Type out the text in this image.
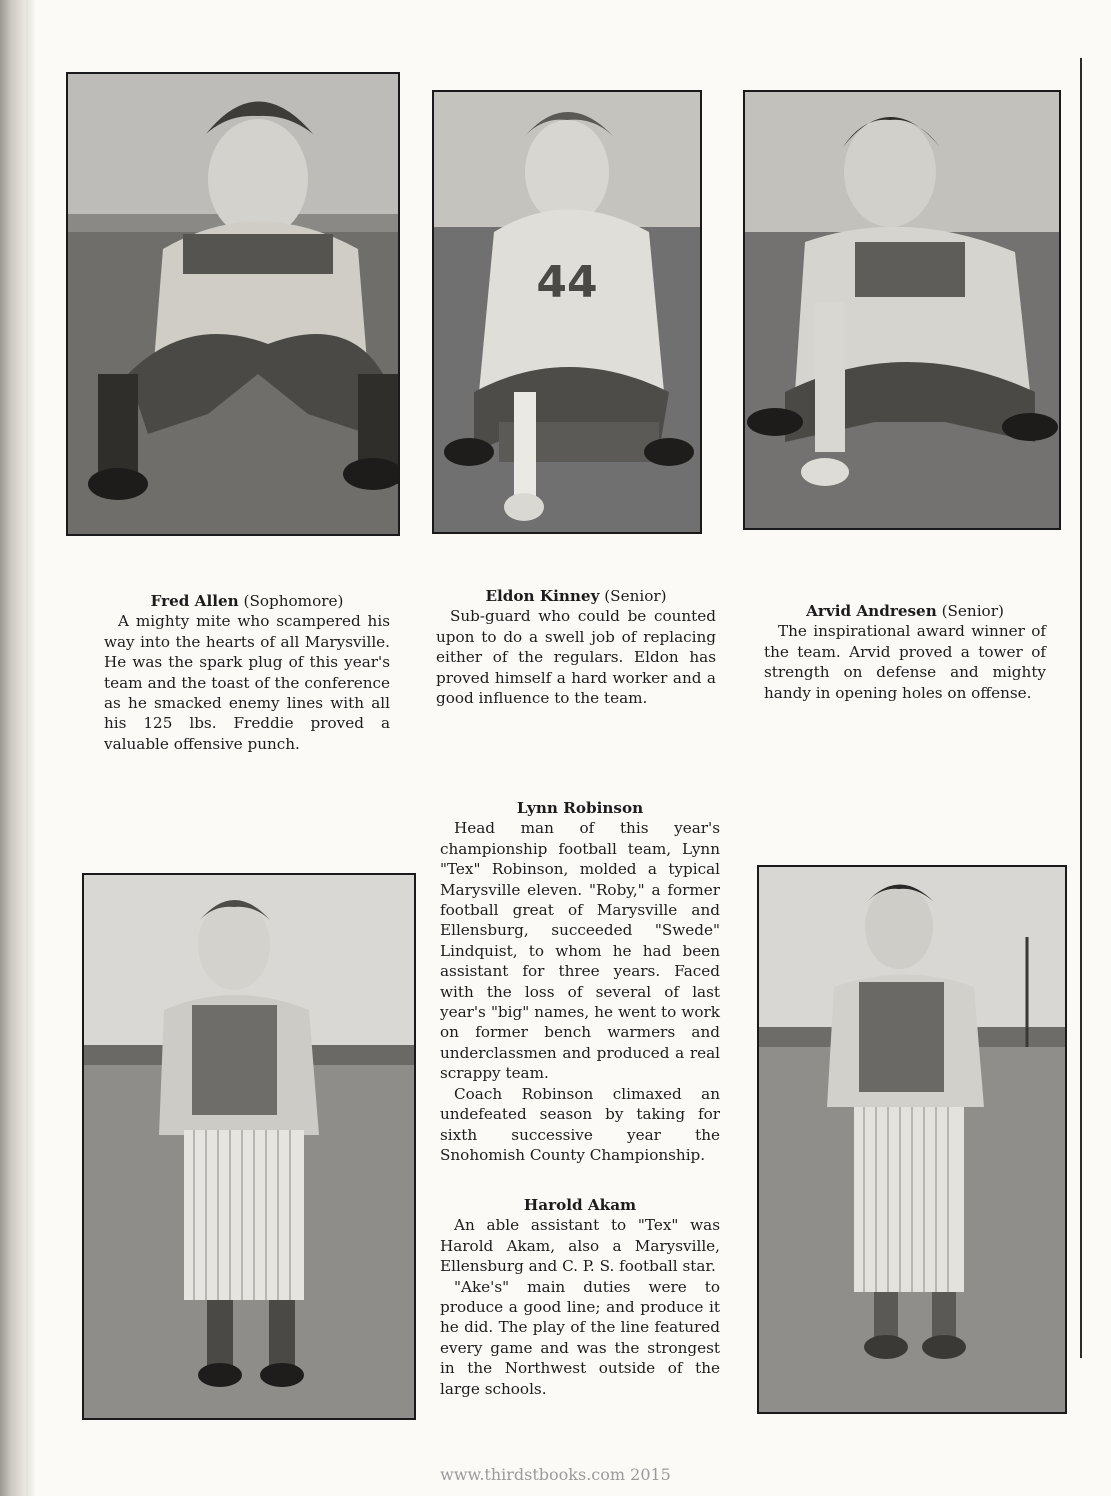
44
Fred Allen (Sophomore)

A mighty mite who scampered his way into the hearts of all Marysville. He was the spark plug of this year's team and the toast of the conference as he smacked enemy lines with all his 125 lbs. Freddie proved a valuable offensive punch.

Eldon Kinney (Senior)

Sub-guard who could be counted upon to do a swell job of replacing either of the regulars. Eldon has proved himself a hard worker and a good influence to the team.

Arvid Andresen (Senior)

The inspirational award winner of the team. Arvid proved a tower of strength on defense and mighty handy in opening holes on offense.

Lynn Robinson

Head man of this year's championship football team, Lynn "Tex" Robinson, molded a typical Marysville eleven. "Roby," a former football great of Marysville and Ellensburg, succeeded "Swede" Lindquist, to whom he had been assistant for three years. Faced with the loss of several of last year's "big" names, he went to work on former bench warmers and underclassmen and produced a real scrappy team.

Coach Robinson climaxed an undefeated season by taking for sixth successive year the Snohomish County Championship.

Harold Akam

An able assistant to "Tex" was Harold Akam, also a Marysville, Ellensburg and C. P. S. football star.

"Ake's" main duties were to produce a good line; and produce it he did. The play of the line featured every game and was the strongest in the Northwest outside of the large schools.

www.thirdstbooks.com 2015
